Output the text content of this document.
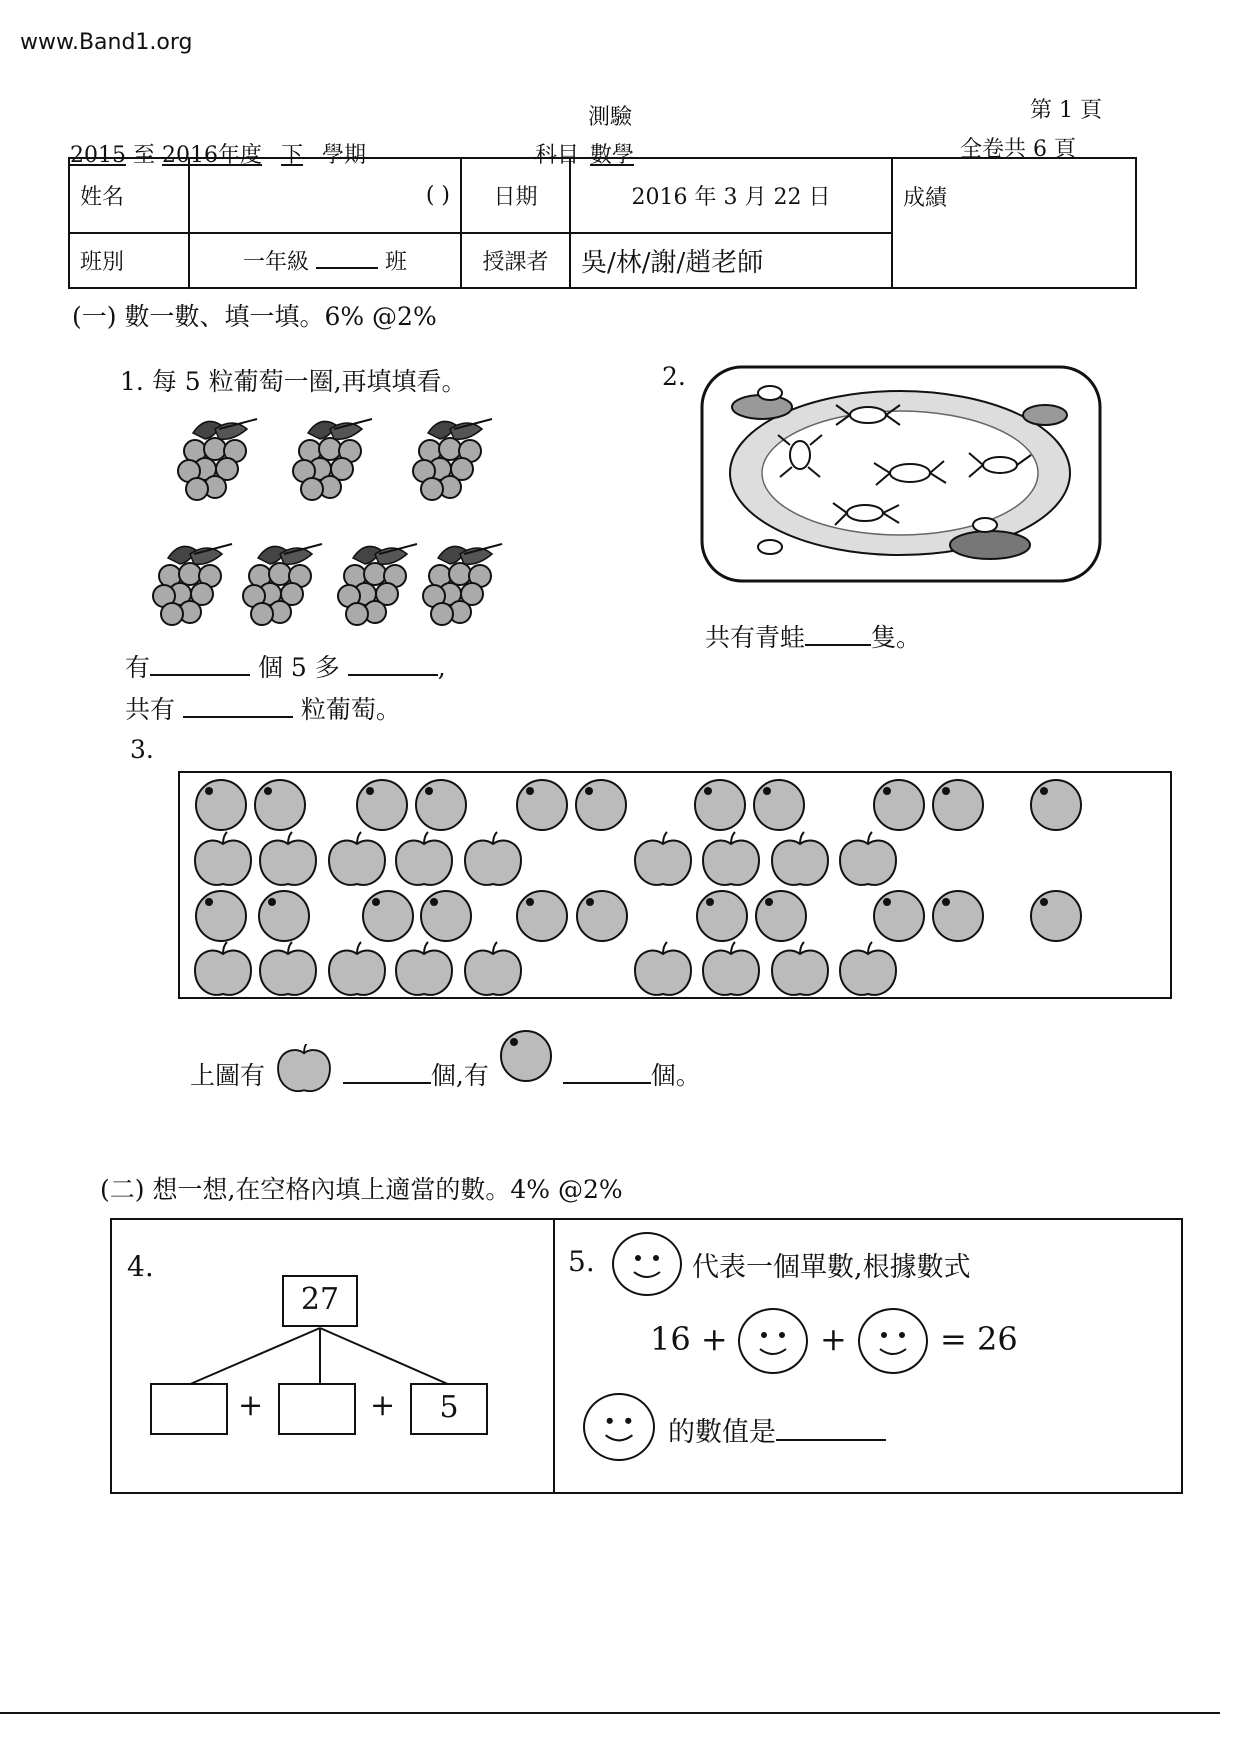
www.Band1.org
測驗	第 1 頁
2015 至 2016年度 下 學期	科目 數學	全卷共 6 頁
姓名	( )	日期	2016 年 3 月 22 日	成績
班別	一年級 班	授課者	吳/林/謝/趙老師	
(一) 數一數、填一填。6% @2%
1. 每 5 粒葡萄一圈,再填填看。
有	個 5 多	,
共有	粒葡萄。
2.
共有青蛙	隻。
3.
上圖有	個,有	個。
(二) 想一想,在空格內填上適當的數。4% @2%
4.
27
+	+	5
5.	代表一個單數,根據數式
16 +	+	= 26
的數值是
